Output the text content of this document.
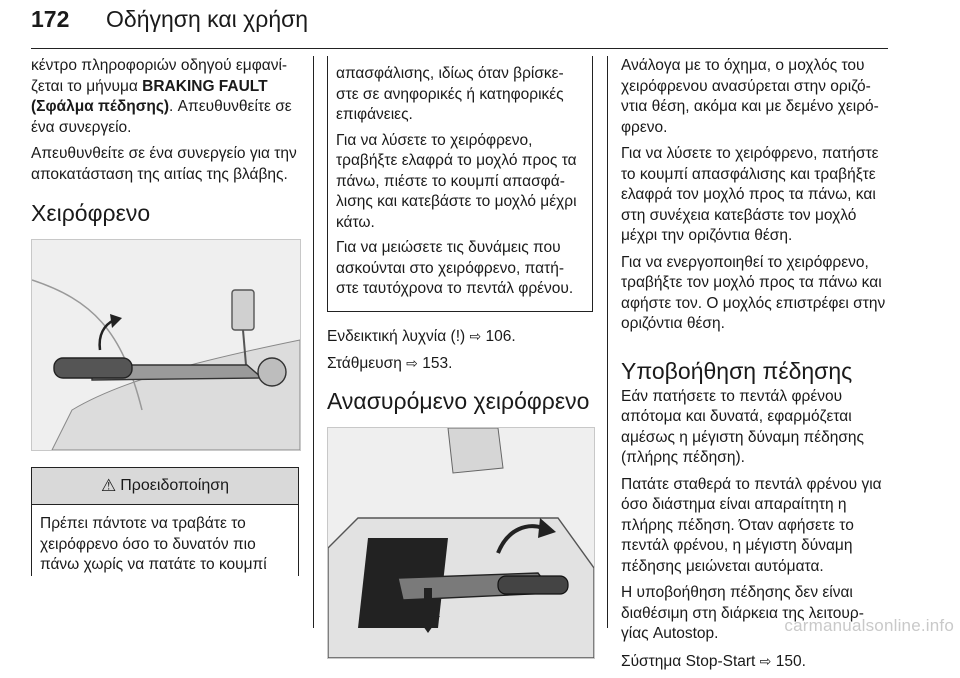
172 Οδήγηση και χρήση

κέντρο πληροφοριών οδηγού εμφανί-ζεται το μήνυμα BRAKING FAULT (Σφάλμα πέδησης). Απευθυνθείτε σε ένα συνεργείο.

Απευθυνθείτε σε ένα συνεργείο για την αποκατάσταση της αιτίας της βλάβης.

Χειρόφρενο
⚠ Προειδοποίηση
Πρέπει πάντοτε να τραβάτε το χειρόφρενο όσο το δυνατόν πιο πάνω χωρίς να πατάτε το κουμπί

απασφάλισης, ιδίως όταν βρίσκε-στε σε ανηφορικές ή κατηφορικές επιφάνειες.

Για να λύσετε το χειρόφρενο, τραβήξτε ελαφρά το μοχλό προς τα πάνω, πιέστε το κουμπί απασφά-λισης και κατεβάστε το μοχλό μέχρι κάτω.

Για να μειώσετε τις δυνάμεις που ασκούνται στο χειρόφρενο, πατή-στε ταυτόχρονα το πεντάλ φρένου.

Ενδεικτική λυχνία (!) ⇨ 106.

Στάθμευση ⇨ 153.

Ανασυρόμενο χειρόφρενο

Ανάλογα με το όχημα, ο μοχλός του χειρόφρενου ανασύρεται στην οριζό-ντια θέση, ακόμα και με δεμένο χειρό-φρενο.

Για να λύσετε το χειρόφρενο, πατήστε το κουμπί απασφάλισης και τραβήξτε ελαφρά τον μοχλό προς τα πάνω, και στη συνέχεια κατεβάστε τον μοχλό μέχρι την οριζόντια θέση.

Για να ενεργοποιηθεί το χειρόφρενο, τραβήξτε τον μοχλό προς τα πάνω και αφήστε τον. Ο μοχλός επιστρέφει στην οριζόντια θέση.

Υποβοήθηση πέδησης

Εάν πατήσετε το πεντάλ φρένου απότομα και δυνατά, εφαρμόζεται αμέσως η μέγιστη δύναμη πέδησης (πλήρης πέδηση).

Πατάτε σταθερά το πεντάλ φρένου για όσο διάστημα είναι απαραίτητη η πλήρης πέδηση. Όταν αφήσετε το πεντάλ φρένου, η μέγιστη δύναμη πέδησης μειώνεται αυτόματα.

Η υποβοήθηση πέδησης δεν είναι διαθέσιμη στη διάρκεια της λειτουρ-γίας Autostop.

Σύστημα Stop-Start ⇨ 150.

carmanualsonline.info
